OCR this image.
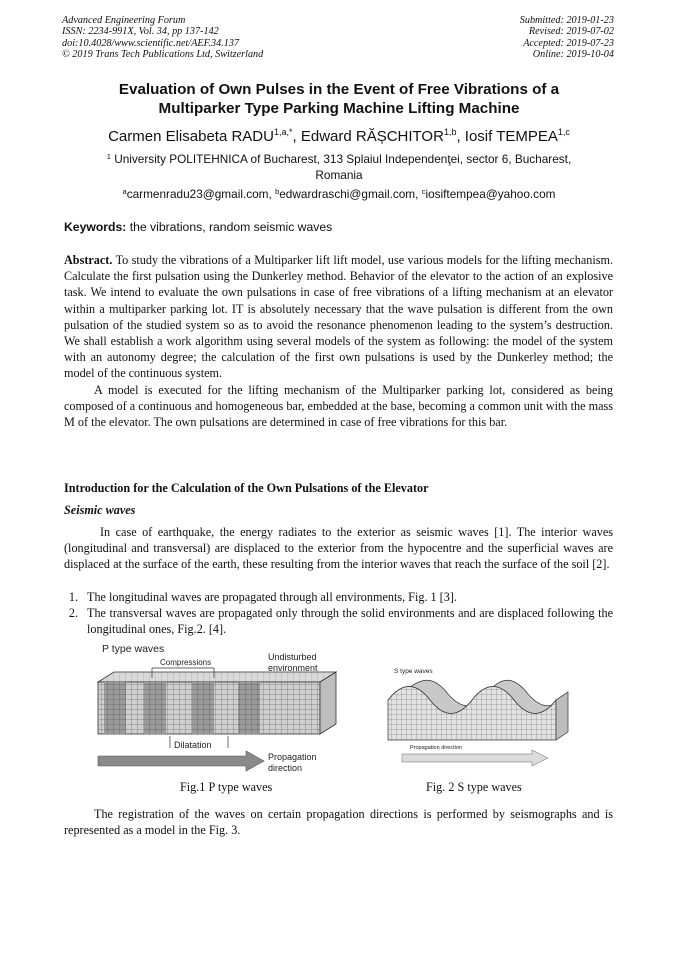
Advanced Engineering Forum
ISSN: 2234-991X, Vol. 34, pp 137-142
doi:10.4028/www.scientific.net/AEF.34.137
© 2019 Trans Tech Publications Ltd, Switzerland
Submitted: 2019-01-23
Revised: 2019-07-02
Accepted: 2019-07-23
Online: 2019-10-04
Evaluation of Own Pulses in the Event of Free Vibrations of a
Multiparker Type Parking Machine Lifting Machine
Carmen Elisabeta $RADU^{1,a,*}$, Edward RĂȘCHITOR$^{1,b}$, Iosif TEMPEA$^{1,c}$
$^1$ University POLITEHNICA of Bucharest, 313 Splaiul Independenţei, sector 6, Bucharest, Romania
$^a$carmenradu23@gmail.com, $^b$edwardraschi@gmail.com, $^c$iosiftempea@yahoo.com
Keywords: the vibrations, random seismic waves

Abstract. To study the vibrations of a Multiparker lift lift model, use various models for the lifting mechanism. Calculate the first pulsation using the Dunkerley method. Behavior of the elevator to the action of an explosive task. We intend to evaluate the own pulsations in case of free vibrations of a lifting mechanism at an elevator within a multiparker parking lot. IT is absolutely necessary that the wave pulsation is different from the own pulsation of the studied system so as to avoid the resonance phenomenon leading to the system’s destruction. We shall establish a work algorithm using several models of the system as following: the model of the system with an autonomy degree; the calculation of the first own pulsations is used by the Dunkerley method; the model of the continuous system.

A model is executed for the lifting mechanism of the Multiparker parking lot, considered as being composed of a continuous and homogeneous bar, embedded at the base, becoming a common unit with the mass M of the elevator. The own pulsations are determined in case of free vibrations for this bar.

Introduction for the Calculation of the Own Pulsations of the Elevator
Seismic waves

In case of earthquake, the energy radiates to the exterior as seismic waves [1]. The interior waves (longitudinal and transversal) are displaced to the exterior from the hypocentre and the superficial waves are displaced at the surface of the earth, these resulting from the interior waves that reach the surface of the soil [2].

1. The longitudinal waves are propagated through all environments, Fig. 1 [3].
2. The transversal waves are propagated only through the solid environments and are displaced following the longitudinal ones, Fig.2. [4].
P type waves
Compressions
Undisturbed
environment
Dilatation
Propagation
direction
S type waves
Propagation direction
Fig.1 P type waves	Fig. 2 S type waves

The registration of the waves on certain propagation directions is performed by seismographs and is represented as a model in the Fig. 3.
